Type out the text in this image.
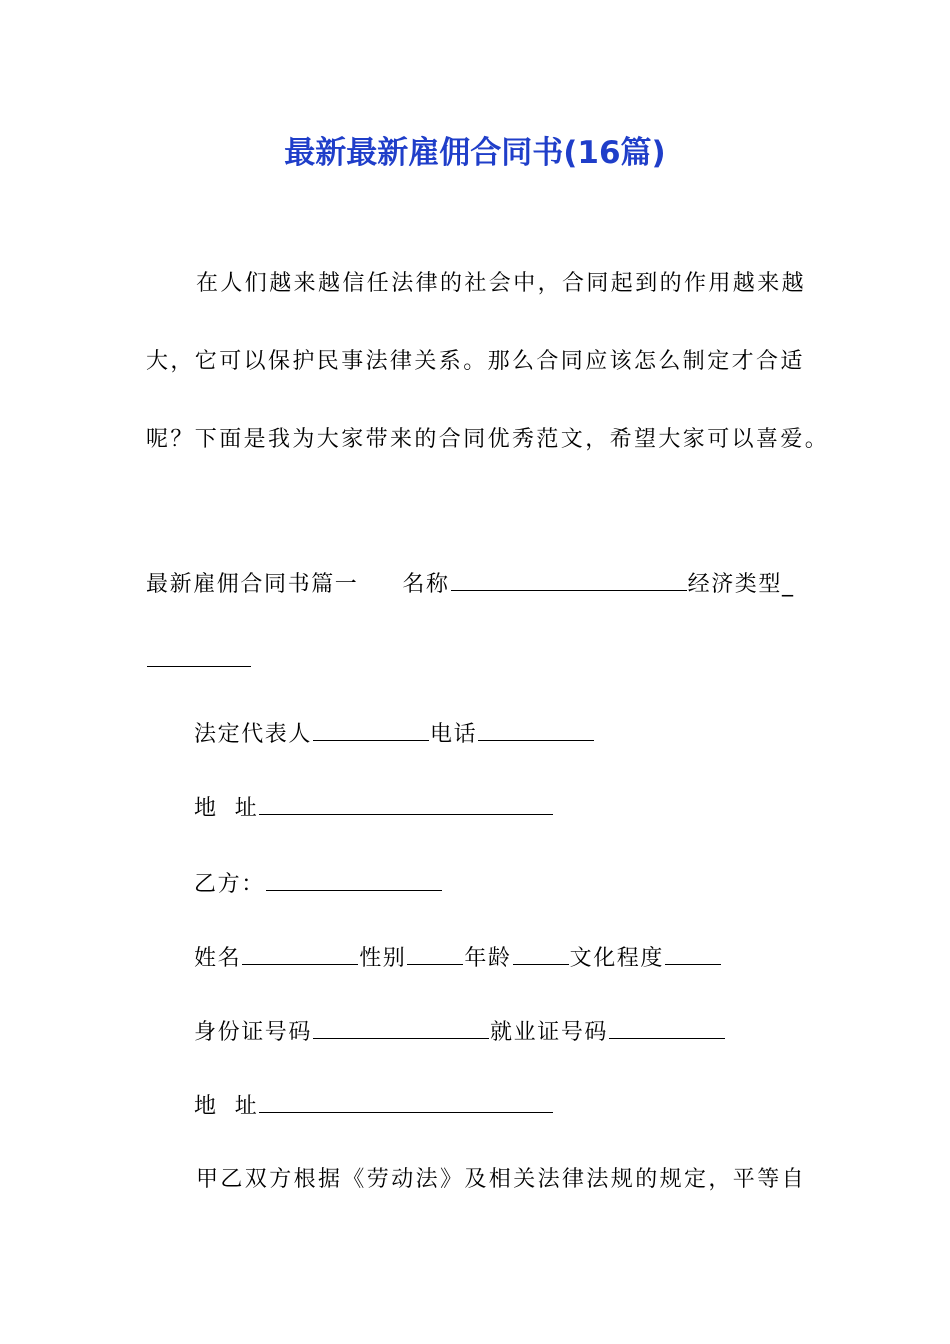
最新最新雇佣合同书(16篇)
在人们越来越信任法律的社会中，合同起到的作用越来越
大，它可以保护民事法律关系。那么合同应该怎么制定才合适
呢？下面是我为大家带来的合同优秀范文，希望大家可以喜爱。
最新雇佣合同书篇一 名称	经济类型_
法定代表人	电话
地  址
乙方：
姓名	性别	年龄	文化程度
身份证号码	就业证号码
地  址
甲乙双方根据《劳动法》及相关法律法规的规定，平等自
